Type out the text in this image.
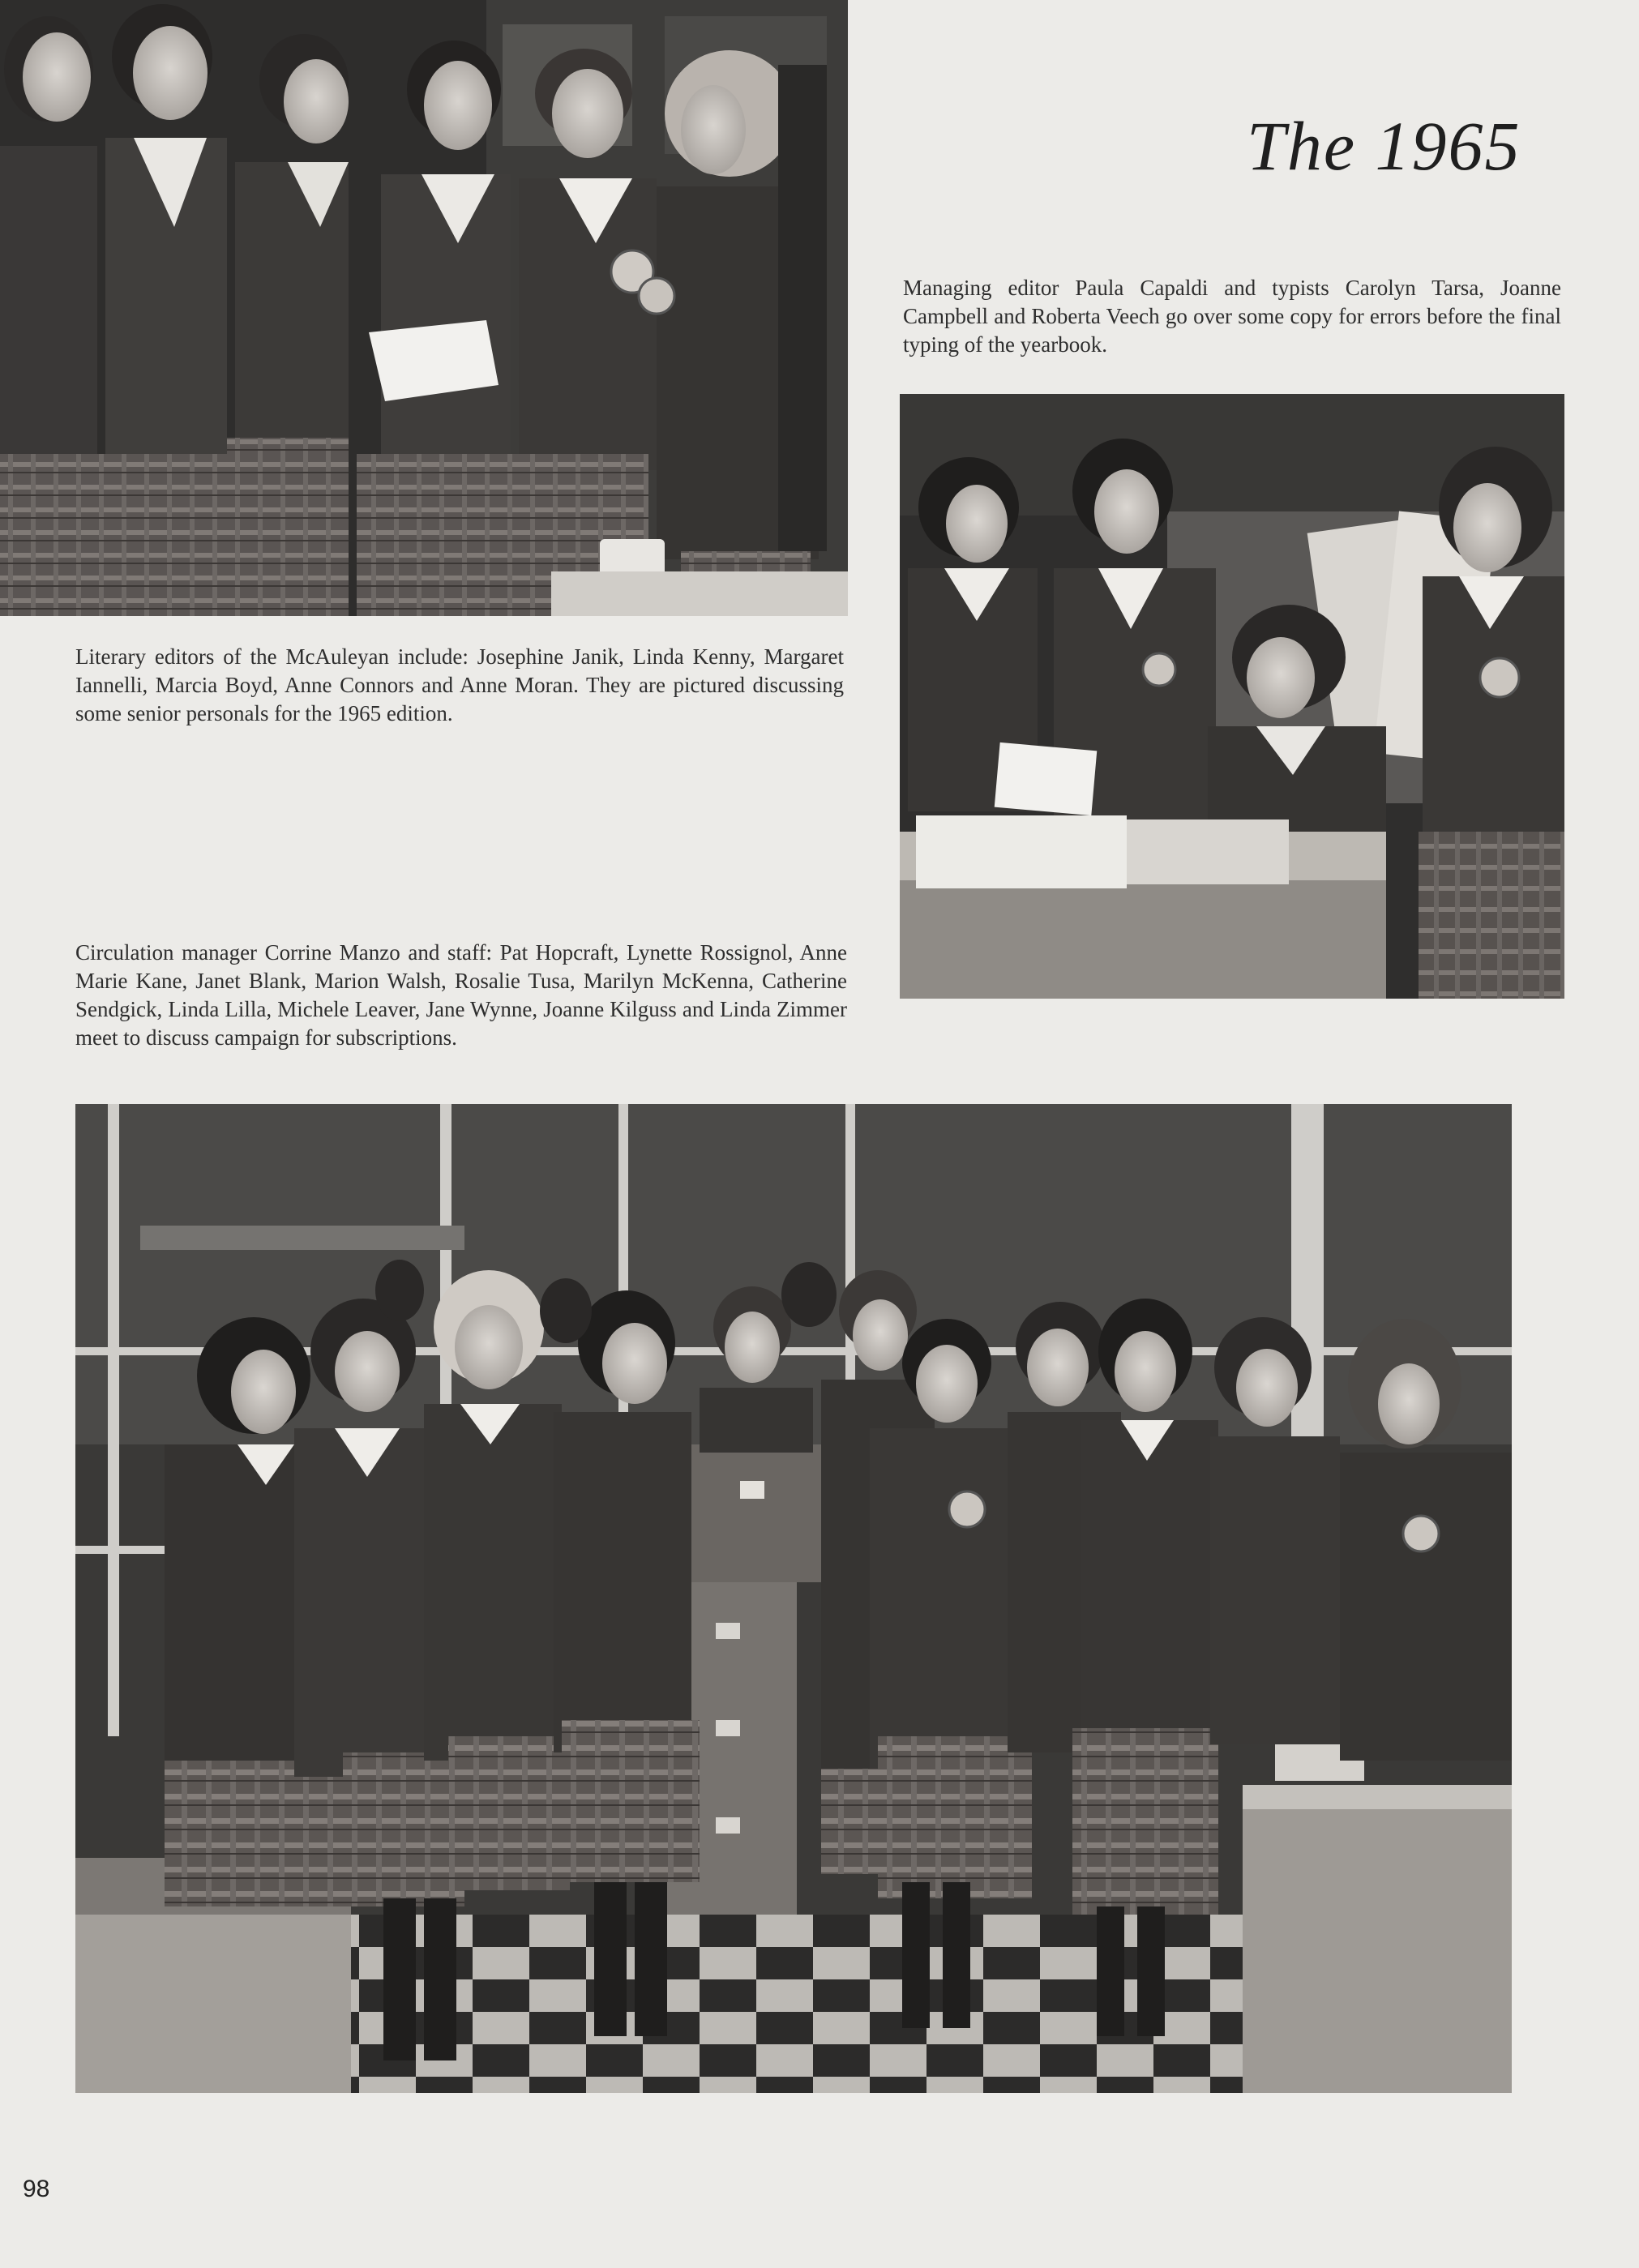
The 1965
Managing editor Paula Capaldi and typists Carolyn Tarsa, Joanne Campbell and Roberta Veech go over some copy for errors before the final typing of the yearbook.
Literary editors of the McAuleyan include: Josephine Janik, Linda Kenny, Margaret Iannelli, Marcia Boyd, Anne Connors and Anne Moran. They are pictured discussing some senior personals for the 1965 edition.
Circulation manager Corrine Manzo and staff: Pat Hopcraft, Lynette Rossignol, Anne Marie Kane, Janet Blank, Marion Walsh, Rosalie Tusa, Marilyn McKenna, Catherine Sendgick, Linda Lilla, Michele Leaver, Jane Wynne, Joanne Kilguss and Linda Zimmer meet to discuss campaign for subscriptions.
98
